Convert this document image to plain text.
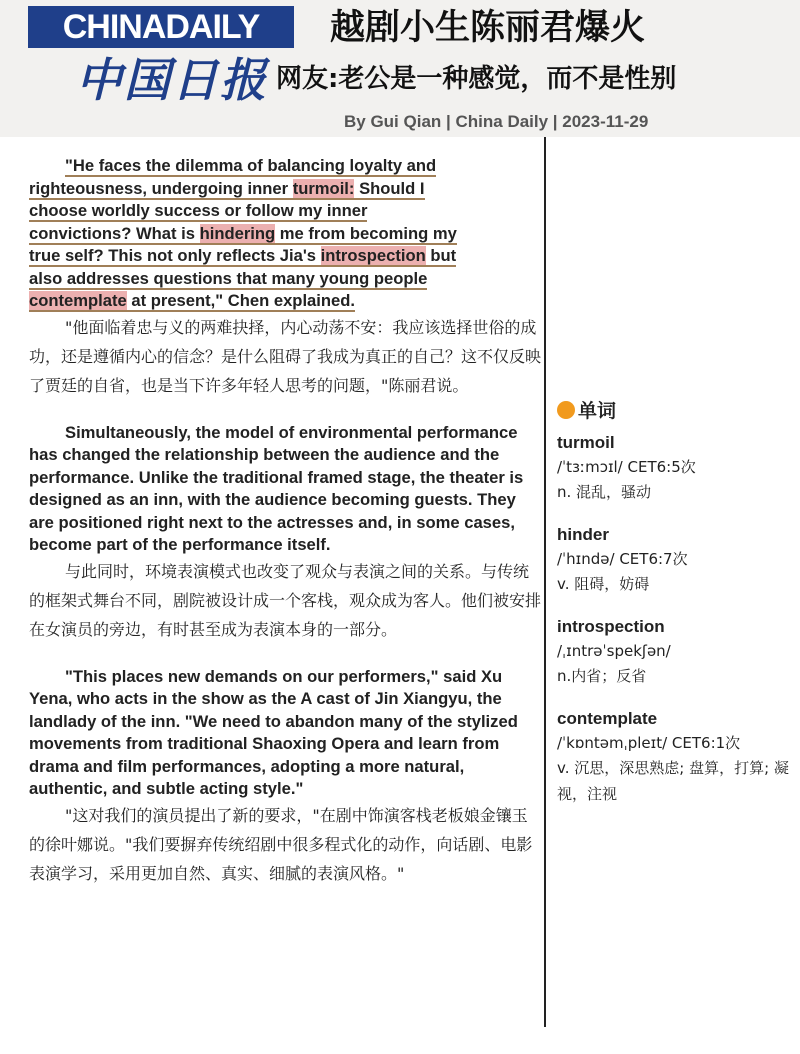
CHINADAILY
中国日报
越剧小生陈丽君爆火
网友:老公是一种感觉，而不是性别
By Gui Qian | China Daily | 2023-11-29

"He faces the dilemma of balancing loyalty and
righteousness, undergoing inner turmoil: Should I
choose worldly success or follow my inner
convictions? What is hindering me from becoming my
true self? This not only reflects Jia's introspection but
also addresses questions that many young people
contemplate at present," Chen explained.

"他面临着忠与义的两难抉择，内心动荡不安：我应该选择世俗的成功，还是遵循内心的信念？是什么阻碍了我成为真正的自己？这不仅反映了贾廷的自省，也是当下许多年轻人思考的问题，"陈丽君说。

Simultaneously, the model of environmental performance has changed the relationship between the audience and the performance. Unlike the traditional framed stage, the theater is designed as an inn, with the audience becoming guests. They are positioned right next to the actresses and, in some cases, become part of the performance itself.

与此同时，环境表演模式也改变了观众与表演之间的关系。与传统的框架式舞台不同，剧院被设计成一个客栈，观众成为客人。他们被安排在女演员的旁边，有时甚至成为表演本身的一部分。

"This places new demands on our performers," said Xu Yena, who acts in the show as the A cast of Jin Xiangyu, the landlady of the inn. "We need to abandon many of the stylized movements from traditional Shaoxing Opera and learn from drama and film performances, adopting a more natural, authentic, and subtle acting style."

"这对我们的演员提出了新的要求，"在剧中饰演客栈老板娘金镶玉的徐叶娜说。"我们要摒弃传统绍剧中很多程式化的动作，向话剧、电影表演学习，采用更加自然、真实、细腻的表演风格。"

单词
turmoil
/ˈtɜːmɔɪl/ CET6:5次
n. 混乱，骚动
hinder
/ˈhɪndə/ CET6:7次
v. 阻碍，妨碍
introspection
/ˌɪntrəˈspekʃən/
n.内省；反省
contemplate
/ˈkɒntəmˌpleɪt/ CET6:1次
v. 沉思，深思熟虑; 盘算，打算; 凝视，注视
